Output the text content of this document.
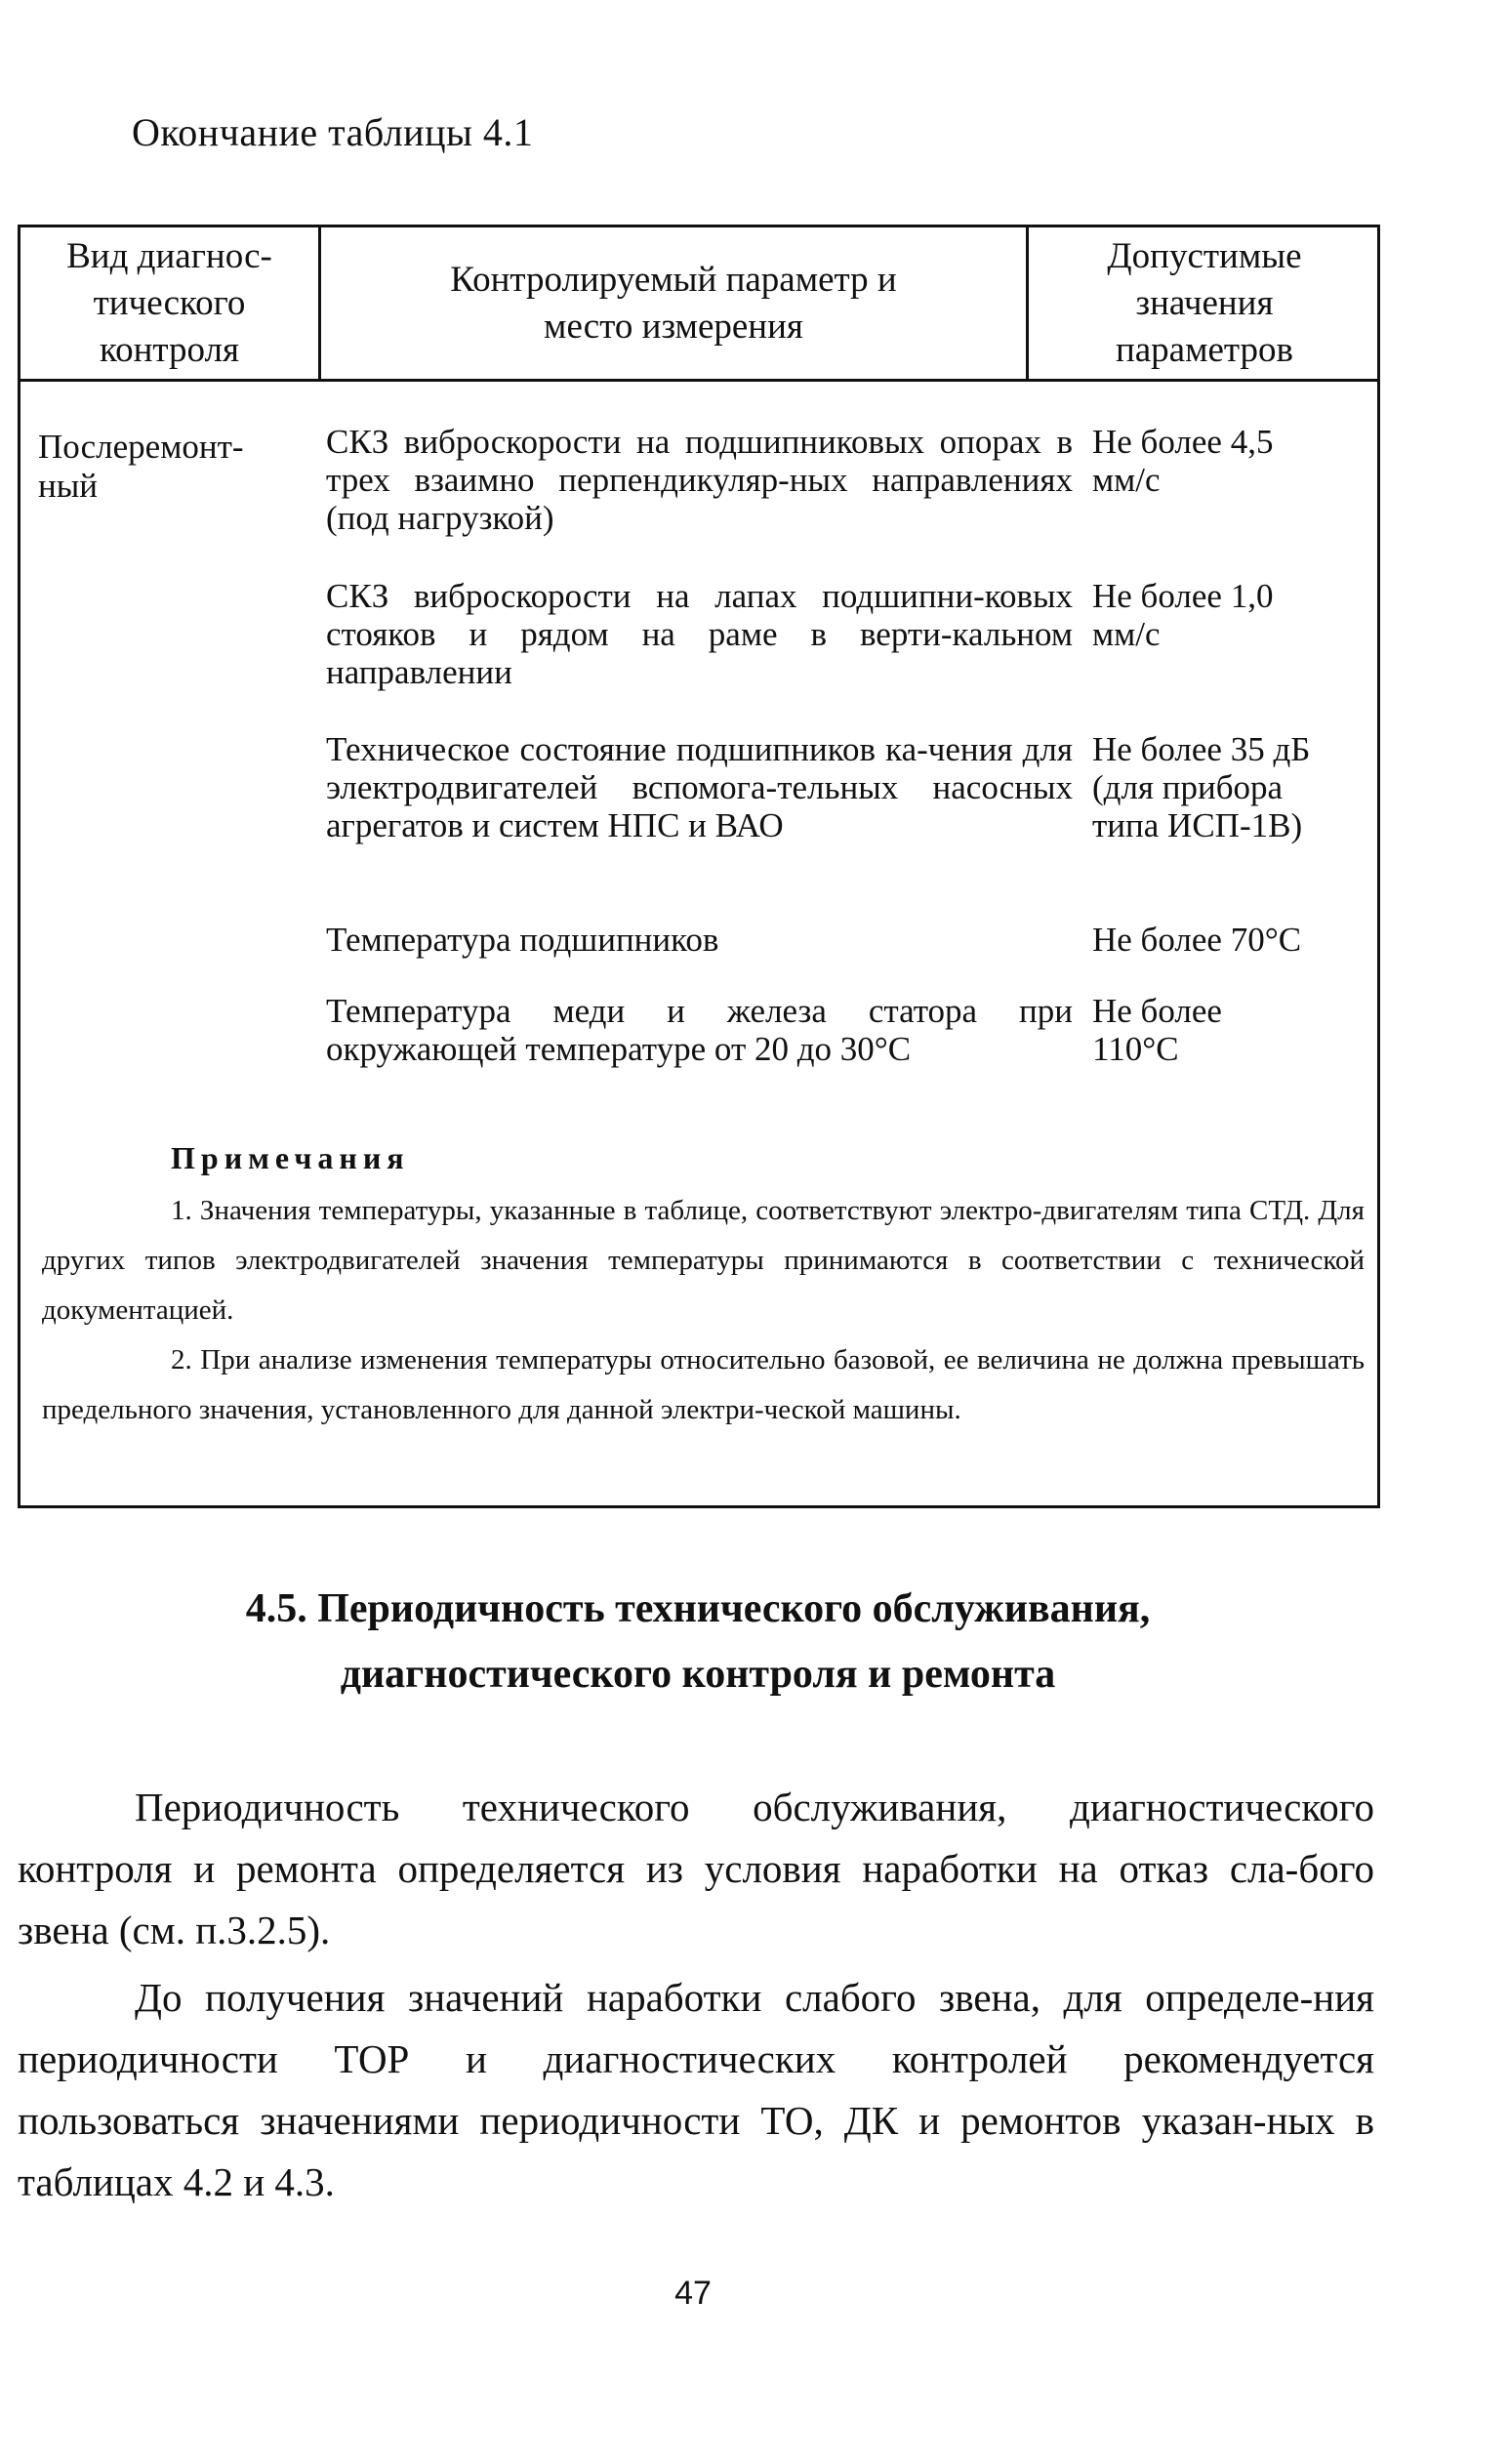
Окончание таблицы 4.1
Вид диагнос-
тического
контроля
Контролируемый параметр и
место измерения
Допустимые
значения
параметров
Послеремонт-
ный
СКЗ виброскорости на подшипниковых опорах в трех взаимно перпендикуляр-ных направлениях (под нагрузкой)
Не более 4,5
мм/с
СКЗ виброскорости на лапах подшипни-ковых стояков и рядом на раме в верти-кальном направлении
Не более 1,0
мм/с
Техническое состояние подшипников ка-чения для электродвигателей вспомога-тельных насосных агрегатов и систем НПС и ВАО
Не более 35 дБ
(для прибора
типа ИСП-1В)
Температура подшипников	Не более 70°С
Температура меди и железа статора при окружающей температуре от 20 до 30°С
Не более
110°С
Примечания

1. Значения температуры, указанные в таблице, соответствуют электро-двигателям типа СТД. Для других типов электродвигателей значения температуры принимаются в соответствии с технической документацией.

2. При анализе изменения температуры относительно базовой, ее величина не должна превышать предельного значения, установленного для данной электри-ческой машины.

4.5. Периодичность технического обслуживания,
диагностического контроля и ремонта

Периодичность технического обслуживания, диагностического контроля и ремонта определяется из условия наработки на отказ сла-бого звена (см. п.3.2.5).

До получения значений наработки слабого звена, для определе-ния периодичности ТОР и диагностических контролей рекомендуется пользоваться значениями периодичности ТО, ДК и ремонтов указан-ных в таблицах 4.2 и 4.3.

47
